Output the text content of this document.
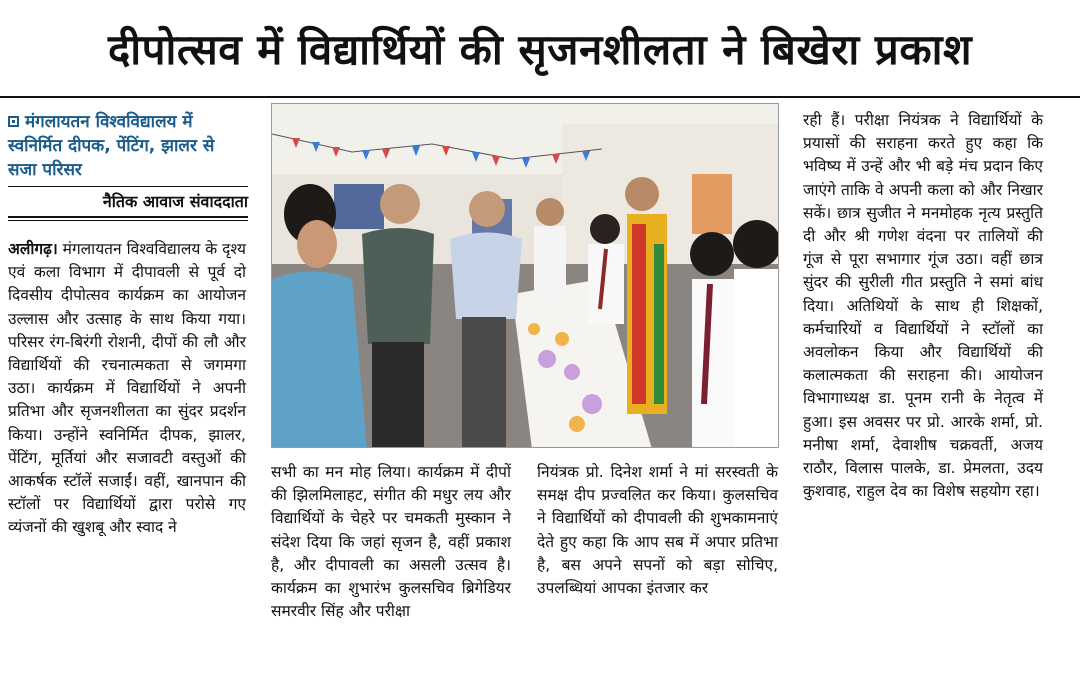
दीपोत्सव में विद्यार्थियों की सृजनशीलता ने बिखेरा प्रकाश
मंगलायतन विश्वविद्यालय में स्वनिर्मित दीपक, पेंटिंग, झालर से सजा परिसर
नैतिक आवाज संवाददाता

अलीगढ़। मंगलायतन विश्वविद्यालय के दृश्य एवं कला विभाग में दीपावली से पूर्व दो दिवसीय दीपोत्सव कार्यक्रम का आयोजन उल्लास और उत्साह के साथ किया गया। परिसर रंग-बिरंगी रोशनी, दीपों की लौ और विद्यार्थियों की रचनात्मकता से जगमगा उठा। कार्यक्रम में विद्यार्थियों ने अपनी प्रतिभा और सृजनशीलता का सुंदर प्रदर्शन किया। उन्होंने स्वनिर्मित दीपक, झालर, पेंटिंग, मूर्तियां और सजावटी वस्तुओं की आकर्षक स्टॉलें सजाईं। वहीं, खानपान की स्टॉलों पर विद्यार्थियों द्वारा परोसे गए व्यंजनों की खुशबू और स्वाद ने

सभी का मन मोह लिया। कार्यक्रम में दीपों की झिलमिलाहट, संगीत की मधुर लय और विद्यार्थियों के चेहरे पर चमकती मुस्कान ने संदेश दिया कि जहां सृजन है, वहीं प्रकाश है, और दीपावली का असली उत्सव है।कार्यक्रम का शुभारंभ कुलसचिव ब्रिगेडियर समरवीर सिंह और परीक्षा

नियंत्रक प्रो. दिनेश शर्मा ने मां सरस्वती के समक्ष दीप प्रज्वलित कर किया। कुलसचिव ने विद्यार्थियों को दीपावली की शुभकामनाएं देते हुए कहा कि आप सब में अपार प्रतिभा है, बस अपने सपनों को बड़ा सोचिए, उपलब्धियां आपका इंतजार कर

रही हैं। परीक्षा नियंत्रक ने विद्यार्थियों के प्रयासों की सराहना करते हुए कहा कि भविष्य में उन्हें और भी बड़े मंच प्रदान किए जाएंगे ताकि वे अपनी कला को और निखार सकें। छात्र सुजीत ने मनमोहक नृत्य प्रस्तुति दी और श्री गणेश वंदना पर तालियों की गूंज से पूरा सभागार गूंज उठा। वहीं छात्र सुंदर की सुरीली गीत प्रस्तुति ने समां बांध दिया। अतिथियों के साथ ही शिक्षकों, कर्मचारियों व विद्यार्थियों ने स्टॉलों का अवलोकन किया और विद्यार्थियों की कलात्मकता की सराहना की। आयोजन विभागाध्यक्ष डा. पूनम रानी के नेतृत्व में हुआ। इस अवसर पर प्रो. आरके शर्मा, प्रो. मनीषा शर्मा, देवाशीष चक्रवर्ती, अजय राठौर, विलास पालके, डा. प्रेमलता, उदय कुशवाह, राहुल देव का विशेष सहयोग रहा।
